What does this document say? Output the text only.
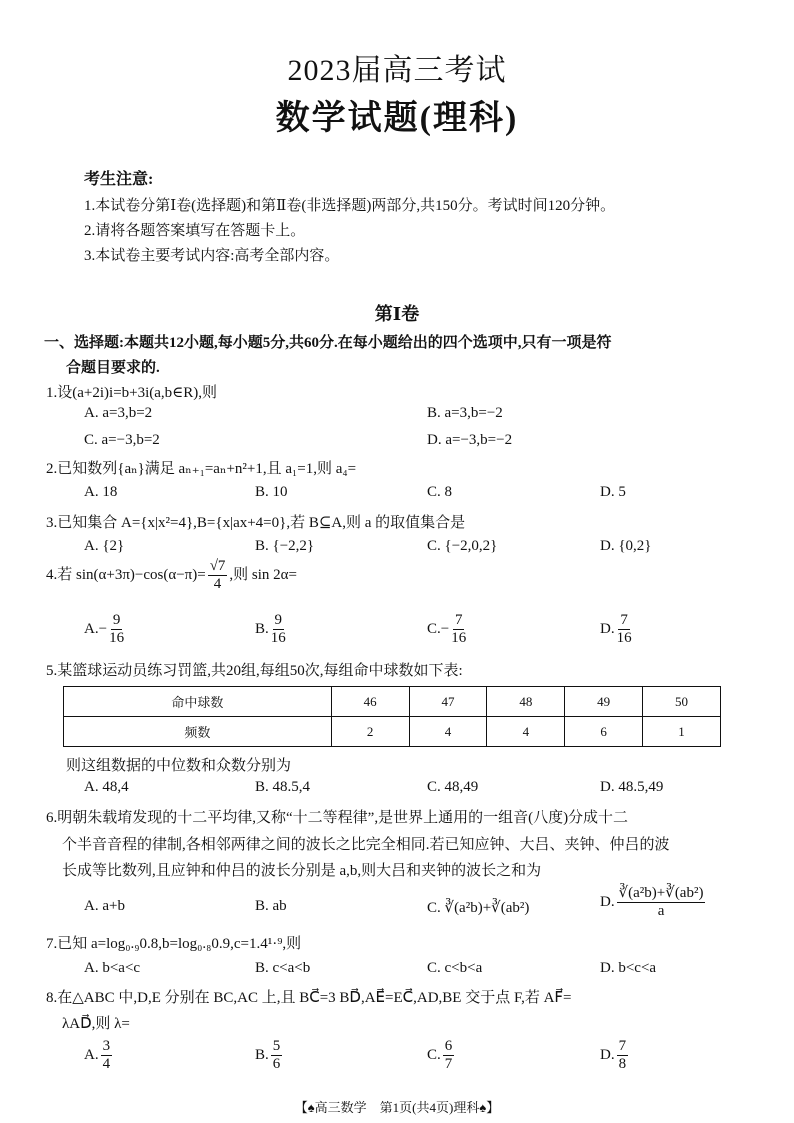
2023届高三考试
数学试题(理科)
考生注意:
1.本试卷分第Ⅰ卷(选择题)和第Ⅱ卷(非选择题)两部分,共150分。考试时间120分钟。
2.请将各题答案填写在答题卡上。
3.本试卷主要考试内容:高考全部内容。
第Ⅰ卷
一、选择题:本题共12小题,每小题5分,共60分.在每小题给出的四个选项中,只有一项是符
合题目要求的.
1.设(a+2i)i=b+3i(a,b∈R),则
A. a=3,b=2	B. a=3,b=−2
C. a=−3,b=2	D. a=−3,b=−2
2.已知数列{aₙ}满足 aₙ₊₁=aₙ+n²+1,且 a₁=1,则 a₄=
A. 18	B. 10	C. 8	D. 5
3.已知集合 A={x|x²=4},B={x|ax+4=0},若 B⊆A,则 a 的取值集合是
A. {2}	B. {−2,2}	C. {−2,0,2}	D. {0,2}
4.若 $\sin(\alpha+3\pi)-\cos(\alpha-\pi)= \frac{√7}{4}$ ,则 sin 2α=
$A.- \frac{9}{16}$	B. $\frac{9}{16}$	$C.- \frac{7}{16}$	D. $\frac{7}{16}$
5.某篮球运动员练习罚篮,共20组,每组50次,每组命中球数如下表:
命中球数	46	47	48	49	50
频数	2	4	4	6	1
则这组数据的中位数和众数分别为
A. 48,4	B. 48.5,4	C. 48,49	D. 48.5,49
6.明朝朱载堉发现的十二平均律,又称“十二等程律”,是世界上通用的一组音(八度)分成十二
个半音音程的律制,各相邻两律之间的波长之比完全相同.若已知应钟、大吕、夹钟、仲吕的波
长成等比数列,且应钟和仲吕的波长分别是 a,b,则大吕和夹钟的波长之和为
A. a+b	B. ab	C. ∛(a²b)+∛(ab²)	D. $\frac{\text{∛(a²b)+∛(ab²)}}{a}$
7.已知 a=log₀.₉0.8,b=log₀.₈0.9,c=1.4¹·⁹,则
A. b<a<c	B. c<a<b	C. c<b<a	D. b<c<a
8.在△ABC 中,D,E 分别在 BC,AC 上,且 BC⃗=3 BD⃗,AE⃗=EC⃗,AD,BE 交于点 F,若 AF⃗=
λAD⃗,则 λ=
A. $\frac{3}{4}$	B. $\frac{5}{6}$	C. $\frac{6}{7}$	D. $\frac{7}{8}$
【♠高三数学　第1页(共4页)理科♠】
